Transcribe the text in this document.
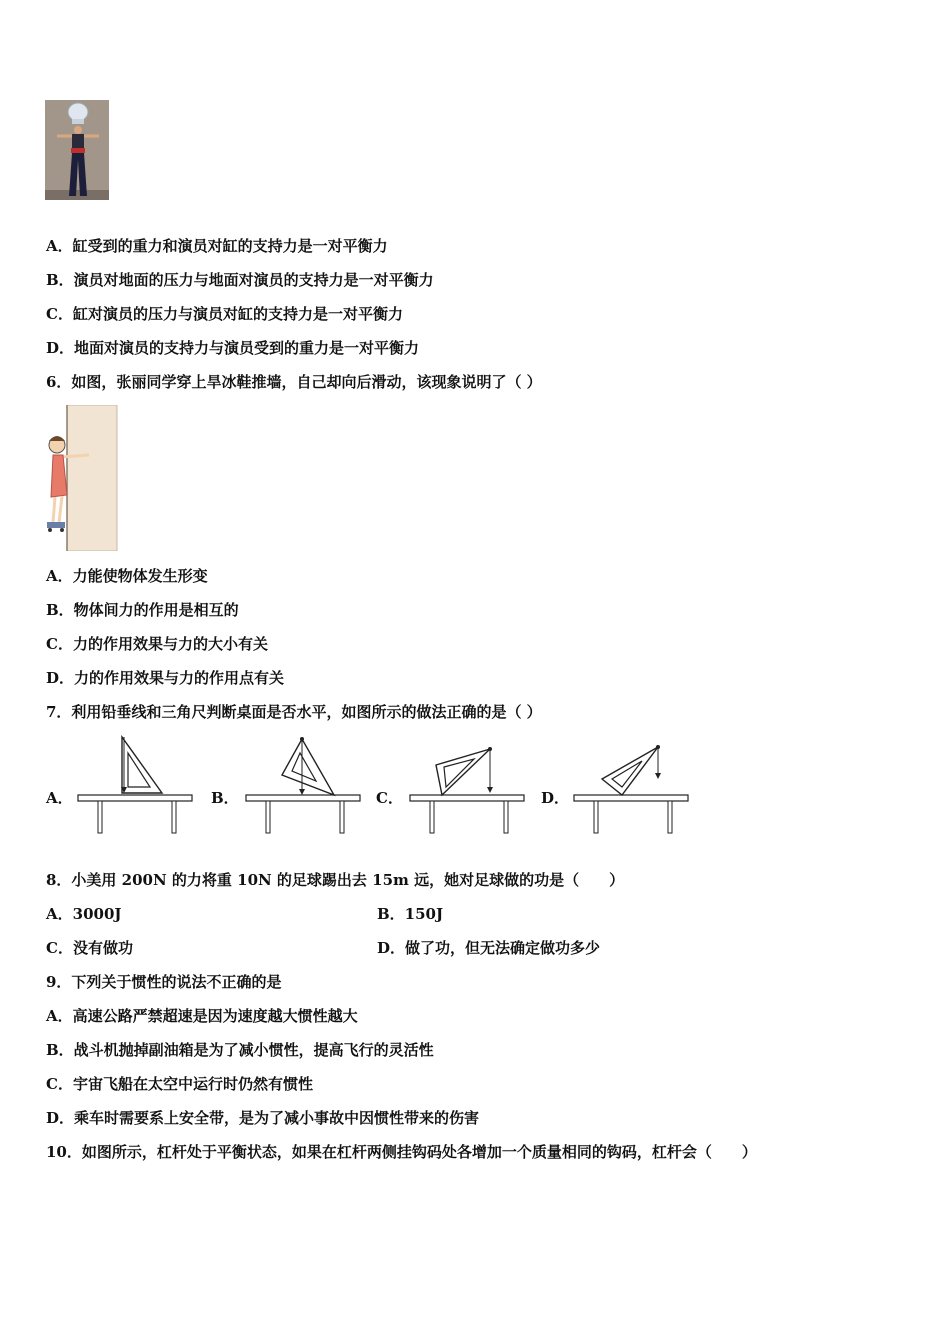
A．缸受到的重力和演员对缸的支持力是一对平衡力
B．演员对地面的压力与地面对演员的支持力是一对平衡力
C．缸对演员的压力与演员对缸的支持力是一对平衡力
D．地面对演员的支持力与演员受到的重力是一对平衡力
6．如图，张丽同学穿上旱冰鞋推墙，自己却向后滑动，该现象说明了（ ）
A．力能使物体发生形变
B．物体间力的作用是相互的
C．力的作用效果与力的大小有关
D．力的作用效果与力的作用点有关
7．利用铅垂线和三角尺判断桌面是否水平，如图所示的做法正确的是（ ）
A．	B．	C．	D．
8．小美用 200N 的力将重 10N 的足球踢出去 15m 远，她对足球做的功是（　　）
A．3000J	B．150J
C．没有做功	D．做了功，但无法确定做功多少
9．下列关于惯性的说法不正确的是
A．高速公路严禁超速是因为速度越大惯性越大
B．战斗机抛掉副油箱是为了减小惯性，提高飞行的灵活性
C．宇宙飞船在太空中运行时仍然有惯性
D．乘车时需要系上安全带，是为了减小事故中因惯性带来的伤害
10．如图所示，杠杆处于平衡状态，如果在杠杆两侧挂钩码处各增加一个质量相同的钩码，杠杆会（　　）
